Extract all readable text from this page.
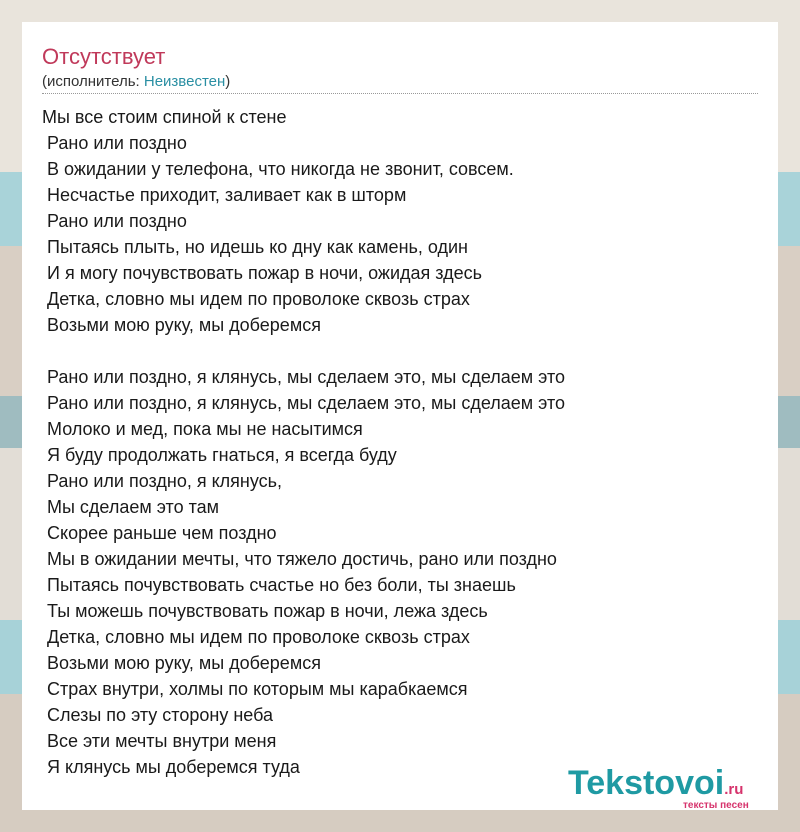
Отсутствует
(исполнитель: Неизвестен)
Мы все стоим спиной к стене
Рано или поздно
В ожидании у телефона, что никогда не звонит, совсем.
Несчастье приходит, заливает как в шторм
Рано или поздно
Пытаясь плыть, но идешь ко дну как камень, один
И я могу почувствовать пожар в ночи, ожидая здесь
Детка, словно мы идем по проволоке сквозь страх
Возьми мою руку, мы доберемся
Рано или поздно, я клянусь, мы сделаем это, мы сделаем это
Рано или поздно, я клянусь, мы сделаем это, мы сделаем это
Молоко и мед, пока мы не насытимся
Я буду продолжать гнаться, я всегда буду
Рано или поздно, я клянусь,
Мы сделаем это там
Скорее раньше чем поздно
Мы в ожидании мечты, что тяжело достичь, рано или поздно
Пытаясь почувствовать счастье но без боли, ты знаешь
Ты можешь почувствовать пожар в ночи, лежа здесь
Детка, словно мы идем по проволоке сквозь страх
Возьми мою руку, мы доберемся
Страх внутри, холмы по которым мы карабкаемся
Слезы по эту сторону неба
Все эти мечты внутри меня
Я клянусь мы доберемся туда	Tekstovoi.ru
тексты песен
